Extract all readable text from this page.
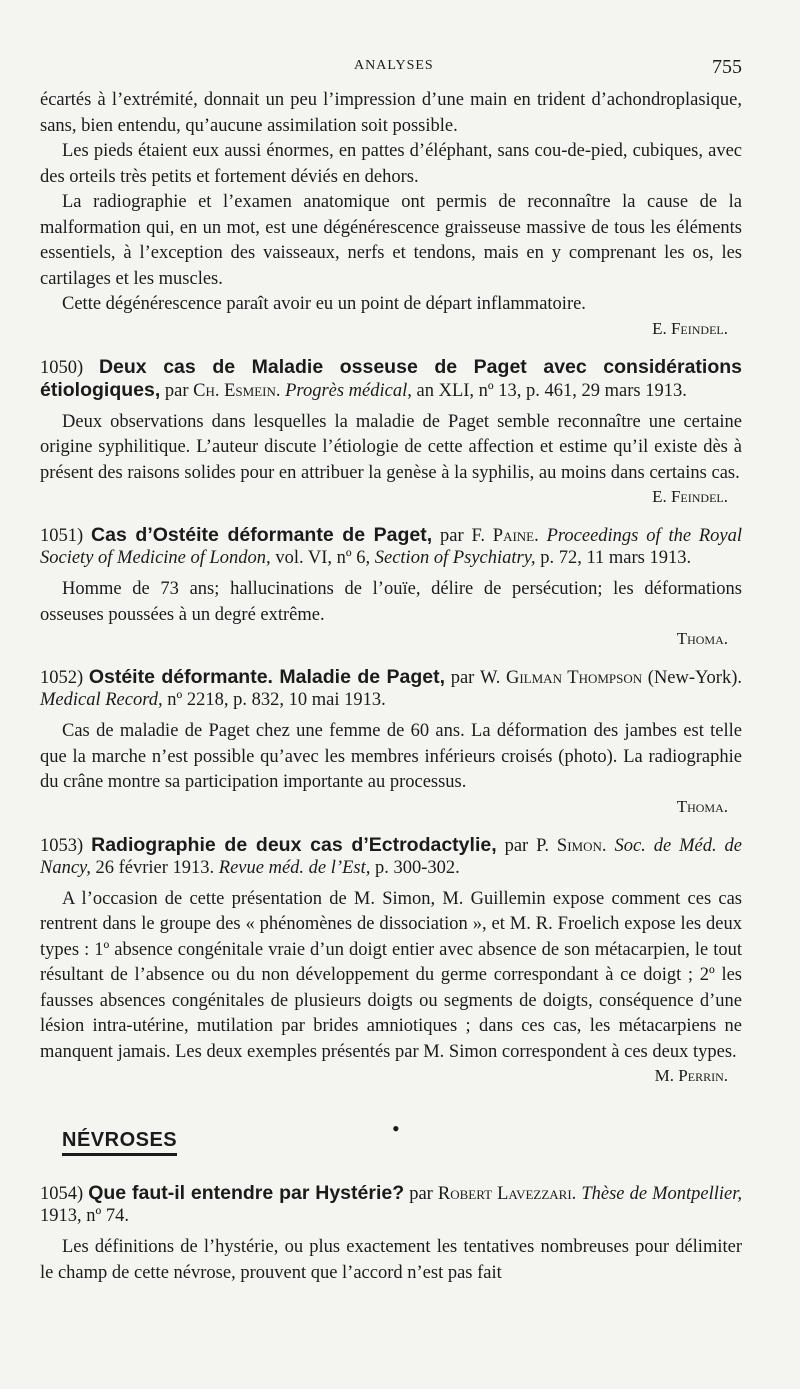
ANALYSES	755

écartés à l’extrémité, donnait un peu l’impression d’une main en trident d’achondroplasique, sans, bien entendu, qu’aucune assimilation soit possible.

Les pieds étaient eux aussi énormes, en pattes d’éléphant, sans cou-de-pied, cubiques, avec des orteils très petits et fortement déviés en dehors.

La radiographie et l’examen anatomique ont permis de reconnaître la cause de la malformation qui, en un mot, est une dégénérescence graisseuse massive de tous les éléments essentiels, à l’exception des vaisseaux, nerfs et tendons, mais en y comprenant les os, les cartilages et les muscles.

Cette dégénérescence paraît avoir eu un point de départ inflammatoire.

E. Feindel.
1050) Deux cas de Maladie osseuse de Paget avec considérations étiologiques, par Ch. Esmein. Progrès médical, an XLI, nº 13, p. 461, 29 mars 1913.

Deux observations dans lesquelles la maladie de Paget semble reconnaître une certaine origine syphilitique. L’auteur discute l’étiologie de cette affection et estime qu’il existe dès à présent des raisons solides pour en attribuer la genèse à la syphilis, au moins dans certains cas.

E. Feindel.
1051) Cas d’Ostéite déformante de Paget, par F. Paine. Proceedings of the Royal Society of Medicine of London, vol. VI, nº 6, Section of Psychiatry, p. 72, 11 mars 1913.

Homme de 73 ans; hallucinations de l’ouïe, délire de persécution; les déformations osseuses poussées à un degré extrême.

Thoma.
1052) Ostéite déformante. Maladie de Paget, par W. Gilman Thompson (New-York). Medical Record, nº 2218, p. 832, 10 mai 1913.

Cas de maladie de Paget chez une femme de 60 ans. La déformation des jambes est telle que la marche n’est possible qu’avec les membres inférieurs croisés (photo). La radiographie du crâne montre sa participation importante au processus.

Thoma.
1053) Radiographie de deux cas d’Ectrodactylie, par P. Simon. Soc. de Méd. de Nancy, 26 février 1913. Revue méd. de l’Est, p. 300-302.

A l’occasion de cette présentation de M. Simon, M. Guillemin expose comment ces cas rentrent dans le groupe des « phénomènes de dissociation », et M. R. Froelich expose les deux types : 1º absence congénitale vraie d’un doigt entier avec absence de son métacarpien, le tout résultant de l’absence ou du non développement du germe correspondant à ce doigt ; 2º les fausses absences congénitales de plusieurs doigts ou segments de doigts, conséquence d’une lésion intra-utérine, mutilation par brides amniotiques ; dans ces cas, les métacarpiens ne manquent jamais. Les deux exemples présentés par M. Simon correspondent à ces deux types.

M. Perrin.
NÉVROSES
1054) Que faut-il entendre par Hystérie? par Robert Lavezzari. Thèse de Montpellier, 1913, nº 74.

Les définitions de l’hystérie, ou plus exactement les tentatives nombreuses pour délimiter le champ de cette névrose, prouvent que l’accord n’est pas fait

•
